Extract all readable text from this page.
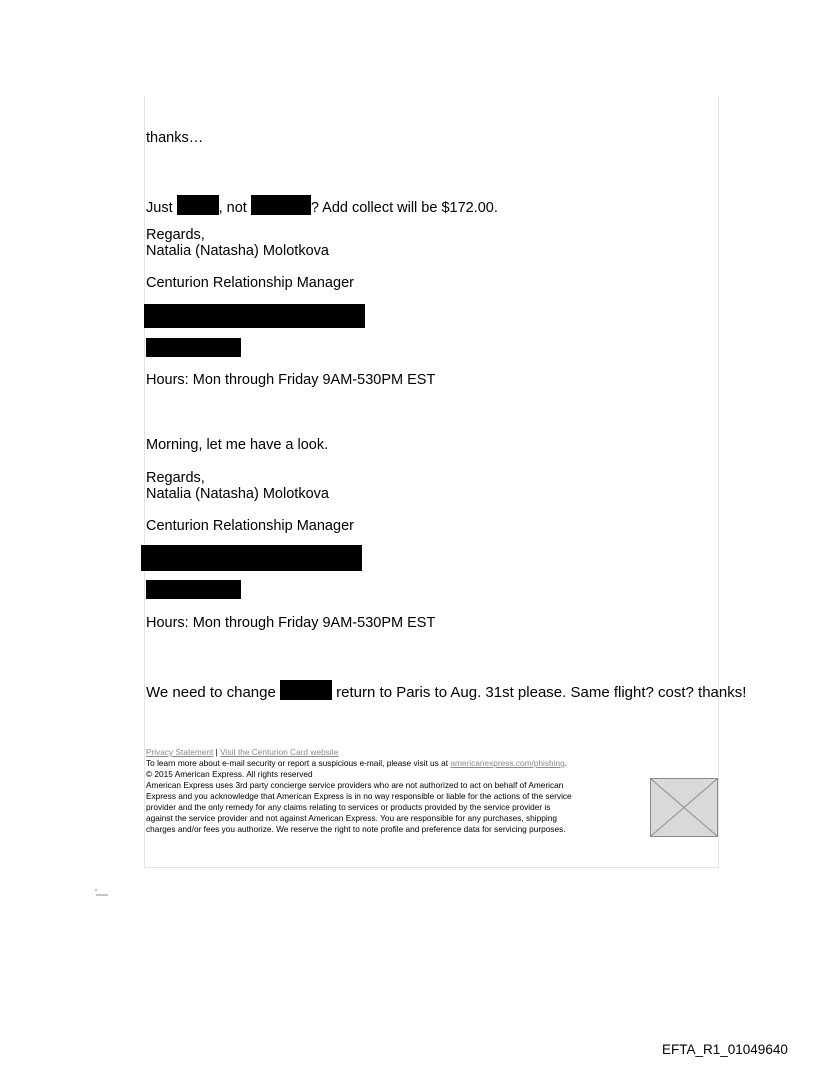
thanks…
Just	, not	? Add collect will be $172.00.
Regards,
Natalia (Natasha) Molotkova
Centurion Relationship Manager
Hours: Mon through Friday 9AM-530PM EST
Morning, let me have a look.
Regards,
Natalia (Natasha) Molotkova
Centurion Relationship Manager
Hours: Mon through Friday 9AM-530PM EST
We need to change	return to Paris to Aug. 31st please. Same flight? cost? thanks!
Privacy Statement | Visit the Centurion Card website
To learn more about e-mail security or report a suspicious e-mail, please visit us at americanexpress.com/phishing.
© 2015 American Express. All rights reserved
American Express uses 3rd party concierge service providers who are not authorized to act on behalf of American
Express and you acknowledge that American Express is in no way responsible or liable for the actions of the service
provider and the only remedy for any claims relating to services or products provided by the service provider is
against the service provider and not against American Express. You are responsible for any purchases, shipping
charges and/or fees you authorize. We reserve the right to note profile and preference data for servicing purposes.
EFTA_R1_01049640
